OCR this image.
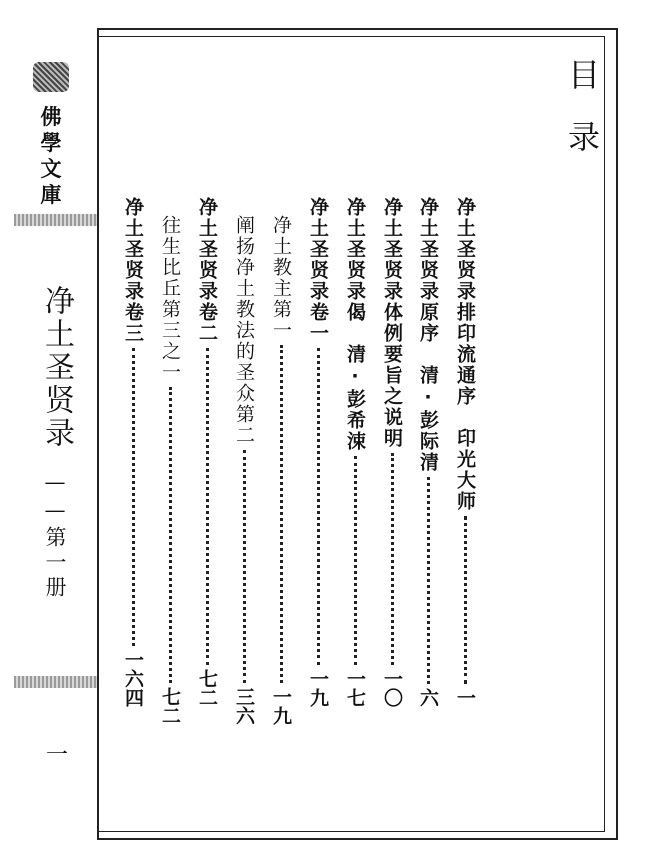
佛學文庫
净土圣贤录
——第一册
一
目
录
净土圣贤录排印流通序　印光大师
一
净土圣贤录原序　清·彭际清
六
净土圣贤录体例要旨之说明
一〇
净土圣贤录偈　清·彭希涑
一七
净土圣贤录卷一
一九
净土教主第一
一九
阐扬净土教法的圣众第二
三六
净土圣贤录卷二
七二
往生比丘第三之一
七二
净土圣贤录卷三
一六四
